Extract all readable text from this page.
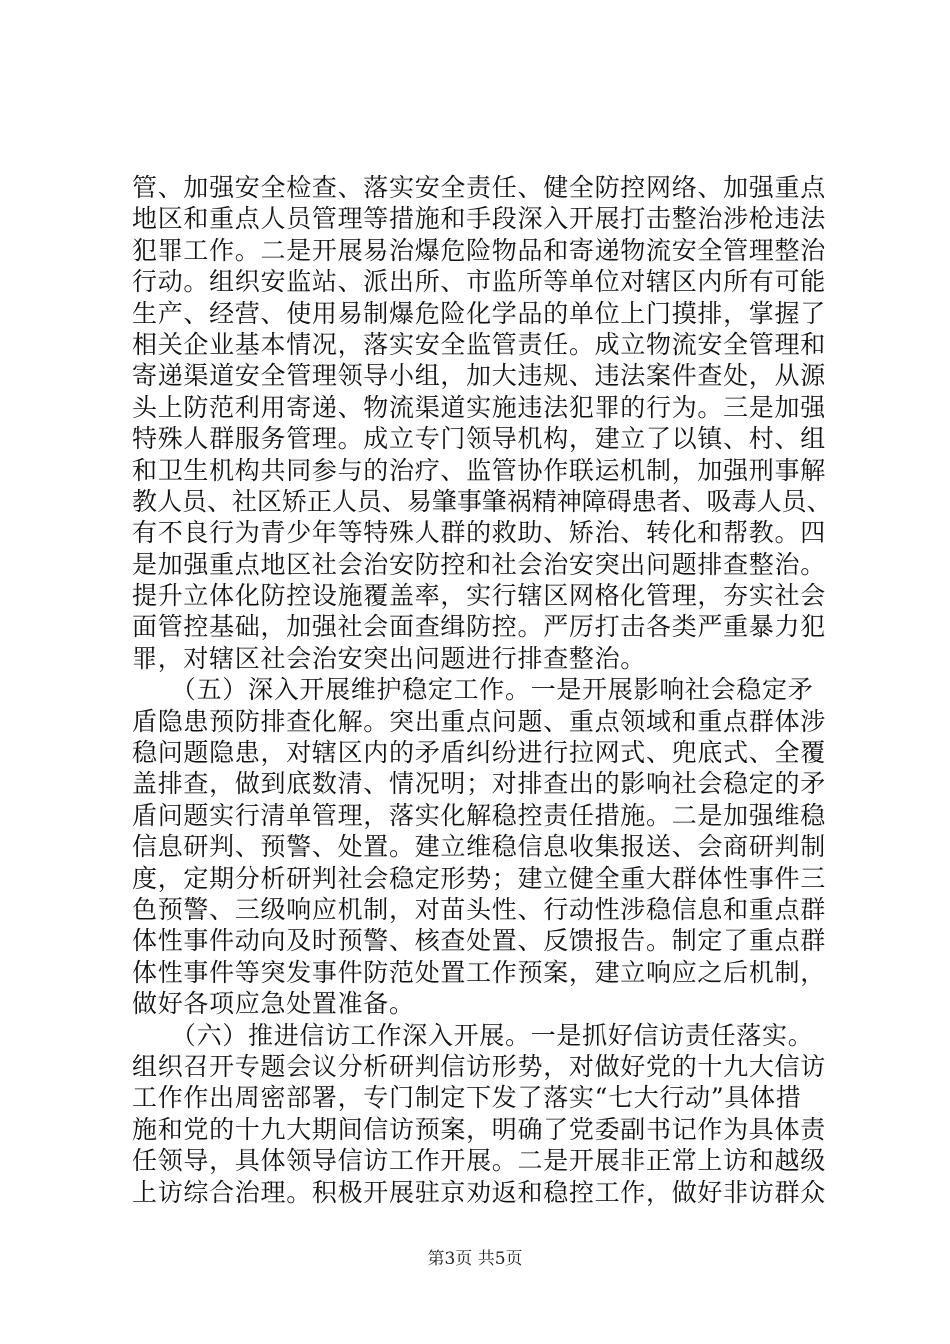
管、加强安全检查、落实安全责任、健全防控网络、加强重点
地区和重点人员管理等措施和手段深入开展打击整治涉枪违法
犯罪工作。二是开展易治爆危险物品和寄递物流安全管理整治
行动。组织安监站、派出所、市监所等单位对辖区内所有可能
生产、经营、使用易制爆危险化学品的单位上门摸排，掌握了
相关企业基本情况，落实安全监管责任。成立物流安全管理和
寄递渠道安全管理领导小组，加大违规、违法案件查处，从源
头上防范利用寄递、物流渠道实施违法犯罪的行为。三是加强
特殊人群服务管理。成立专门领导机构，建立了以镇、村、组
和卫生机构共同参与的治疗、监管协作联运机制，加强刑事解
教人员、社区矫正人员、易肇事肇祸精神障碍患者、吸毒人员、
有不良行为青少年等特殊人群的救助、矫治、转化和帮教。四
是加强重点地区社会治安防控和社会治安突出问题排查整治。
提升立体化防控设施覆盖率，实行辖区网格化管理，夯实社会
面管控基础，加强社会面查缉防控。严厉打击各类严重暴力犯
罪，对辖区社会治安突出问题进行排查整治。
　　（五）深入开展维护稳定工作。一是开展影响社会稳定矛
盾隐患预防排查化解。突出重点问题、重点领域和重点群体涉
稳问题隐患，对辖区内的矛盾纠纷进行拉网式、兜底式、全覆
盖排查，做到底数清、情况明；对排查出的影响社会稳定的矛
盾问题实行清单管理，落实化解稳控责任措施。二是加强维稳
信息研判、预警、处置。建立维稳信息收集报送、会商研判制
度，定期分析研判社会稳定形势；建立健全重大群体性事件三
色预警、三级响应机制，对苗头性、行动性涉稳信息和重点群
体性事件动向及时预警、核查处置、反馈报告。制定了重点群
体性事件等突发事件防范处置工作预案，建立响应之后机制，
做好各项应急处置准备。
　　（六）推进信访工作深入开展。一是抓好信访责任落实。
组织召开专题会议分析研判信访形势，对做好党的十九大信访
工作作出周密部署，专门制定下发了落实“七大行动”具体措
施和党的十九大期间信访预案，明确了党委副书记作为具体责
任领导，具体领导信访工作开展。二是开展非正常上访和越级
上访综合治理。积极开展驻京劝返和稳控工作，做好非访群众
第3页 共5页
